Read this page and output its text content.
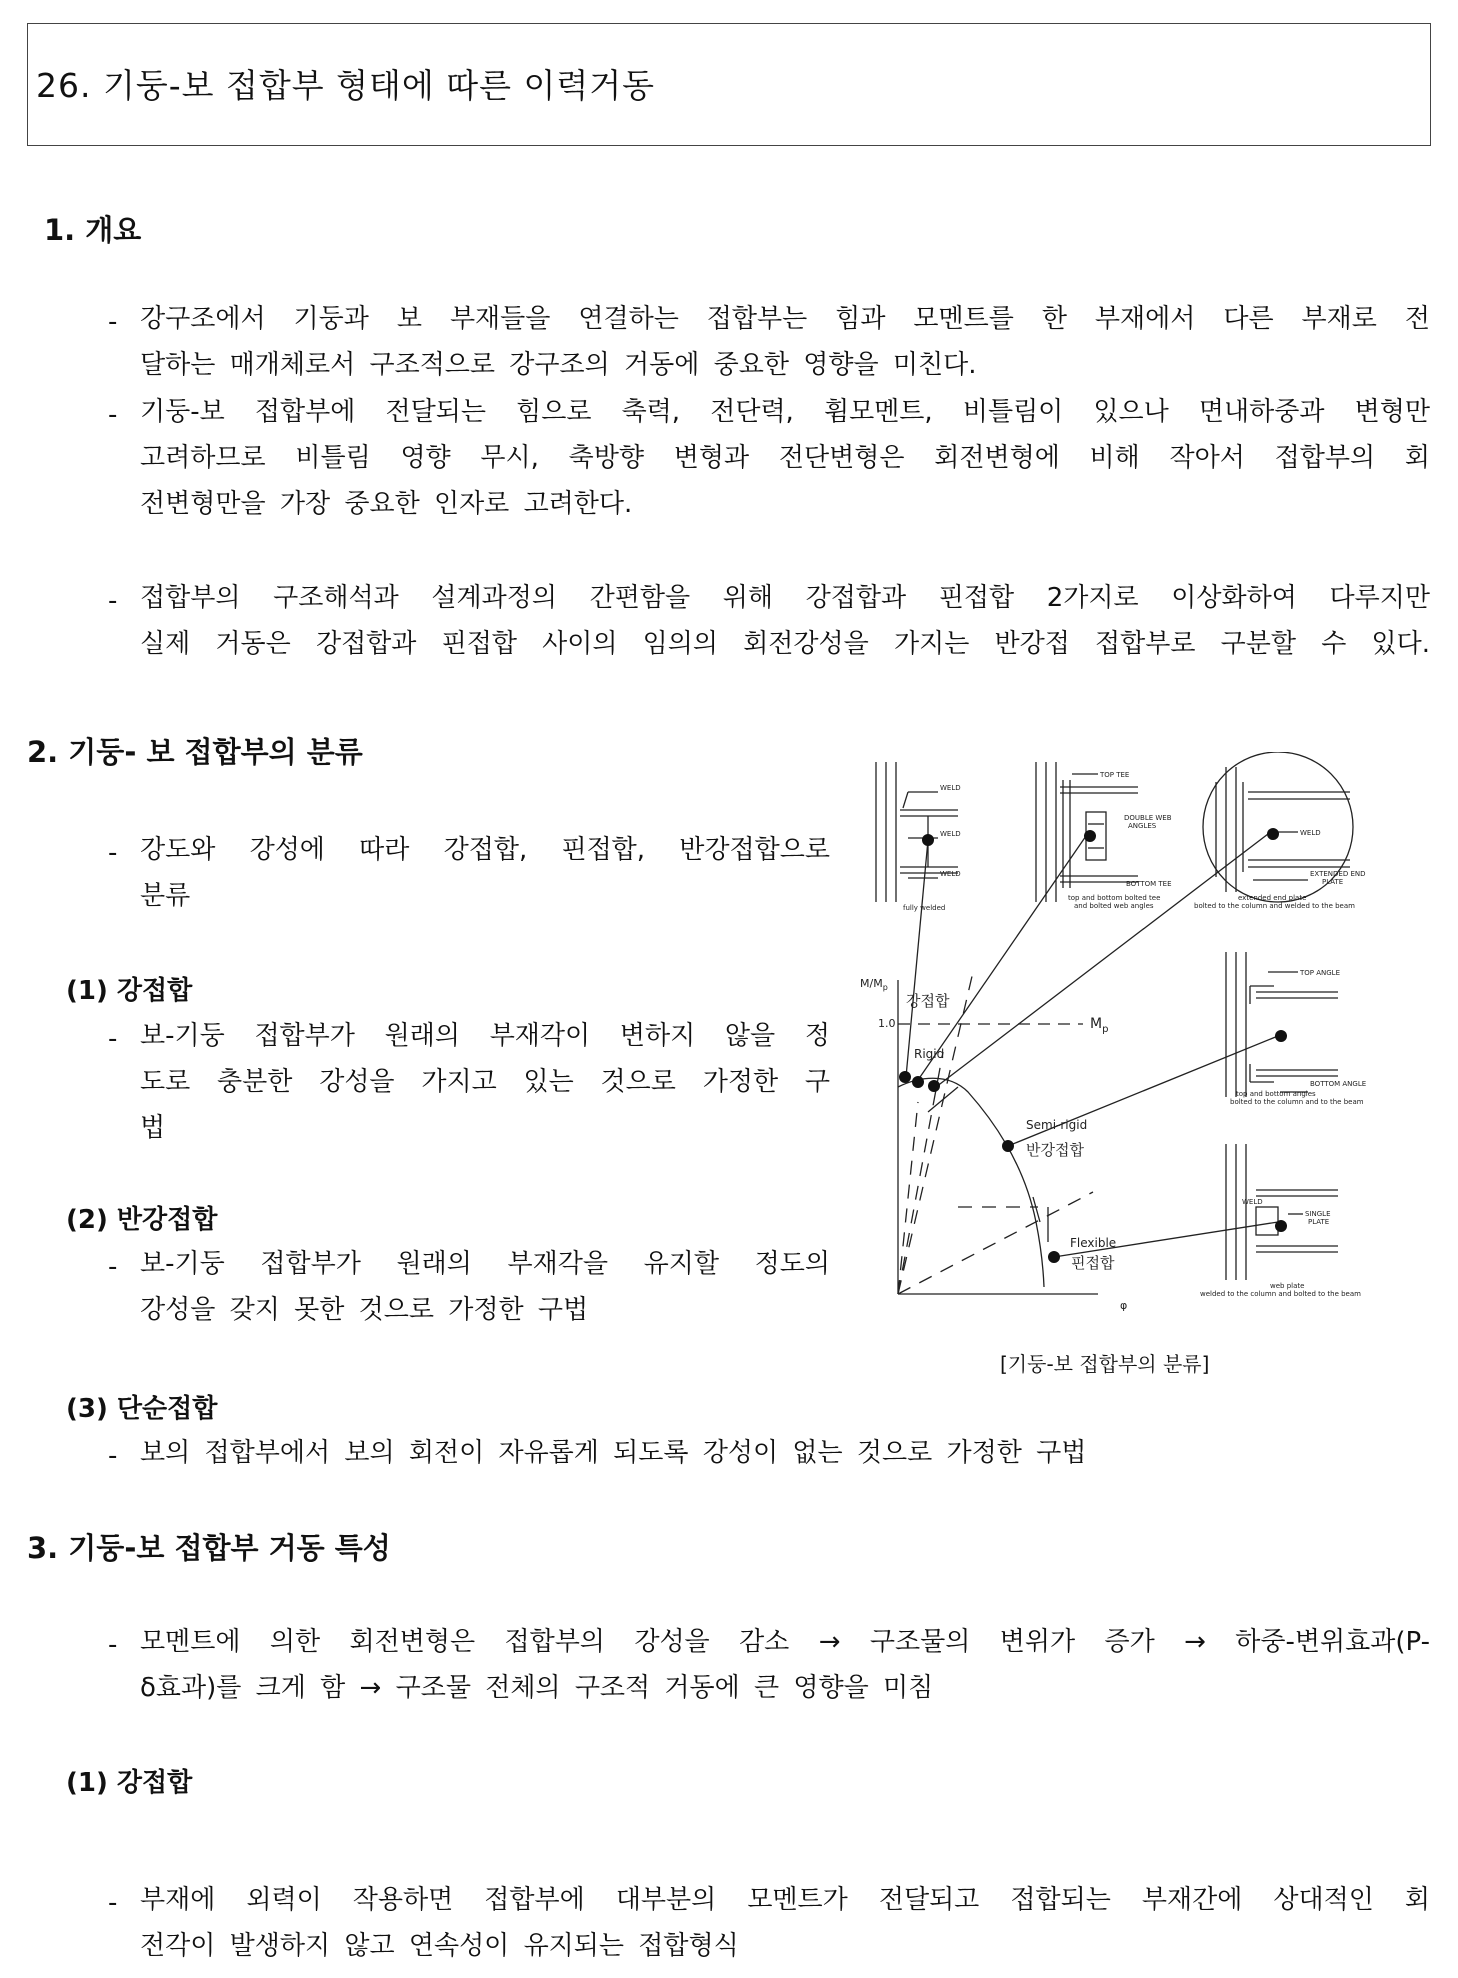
26. 기둥-보 접합부 형태에 따른 이력거동
1. 개요
- 강구조에서 기둥과 보 부재들을 연결하는 접합부는 힘과 모멘트를 한 부재에서 다른 부재로 전
달하는 매개체로서 구조적으로 강구조의 거동에 중요한 영향을 미친다.
- 기둥-보 접합부에 전달되는 힘으로 축력, 전단력, 휨모멘트, 비틀림이 있으나 면내하중과 변형만
고려하므로 비틀림 영향 무시, 축방향 변형과 전단변형은 회전변형에 비해 작아서 접합부의 회
전변형만을 가장 중요한 인자로 고려한다.
- 접합부의 구조해석과 설계과정의 간편함을 위해 강접합과 핀접합 2가지로 이상화하여 다루지만
실제 거동은 강접합과 핀접합 사이의 임의의 회전강성을 가지는 반강접 접합부로 구분할 수 있다.
2. 기둥- 보 접합부의 분류
- 강도와 강성에 따라 강접합, 핀접합, 반강접합으로
분류
(1) 강접합
- 보-기둥 접합부가 원래의 부재각이 변하지 않을 정
도로 충분한 강성을 가지고 있는 것으로 가정한 구
법
(2) 반강접합
- 보-기둥 접합부가 원래의 부재각을 유지할 정도의
강성을 갖지 못한 것으로 가정한 구법
[기둥-보 접합부의 분류]
(3) 단순접합
- 보의 접합부에서 보의 회전이 자유롭게 되도록 강성이 없는 것으로 가정한 구법
3. 기둥-보 접합부 거동 특성
- 모멘트에 의한 회전변형은 접합부의 강성을 감소 → 구조물의 변위가 증가 → 하중-변위효과(P-
δ효과)를 크게 함 → 구조물 전체의 구조적 거동에 큰 영향을 미침
(1) 강접합
- 부재에 외력이 작용하면 접합부에 대부분의 모멘트가 전달되고 접합되는 부재간에 상대적인 회
전각이 발생하지 않고 연속성이 유지되는 접합형식
$M/M_p$
1.0	$M_p$
φ
Rigid
강접합
Semi-rigid
반강접합
Flexible
핀접합
WELD
WELD
WELD
fully welded
TOP TEE
DOUBLE WEB
ANGLES
BOTTOM TEE
top and bottom bolted tee
and bolted web angles
WELD
EXTENDED END
PLATE
extended end plate
bolted to the column and welded to the beam
TOP ANGLE
BOTTOM ANGLE
top and bottom angles
bolted to the column and to the beam
WELD
SINGLE
PLATE
web plate
welded to the column and bolted to the beam
